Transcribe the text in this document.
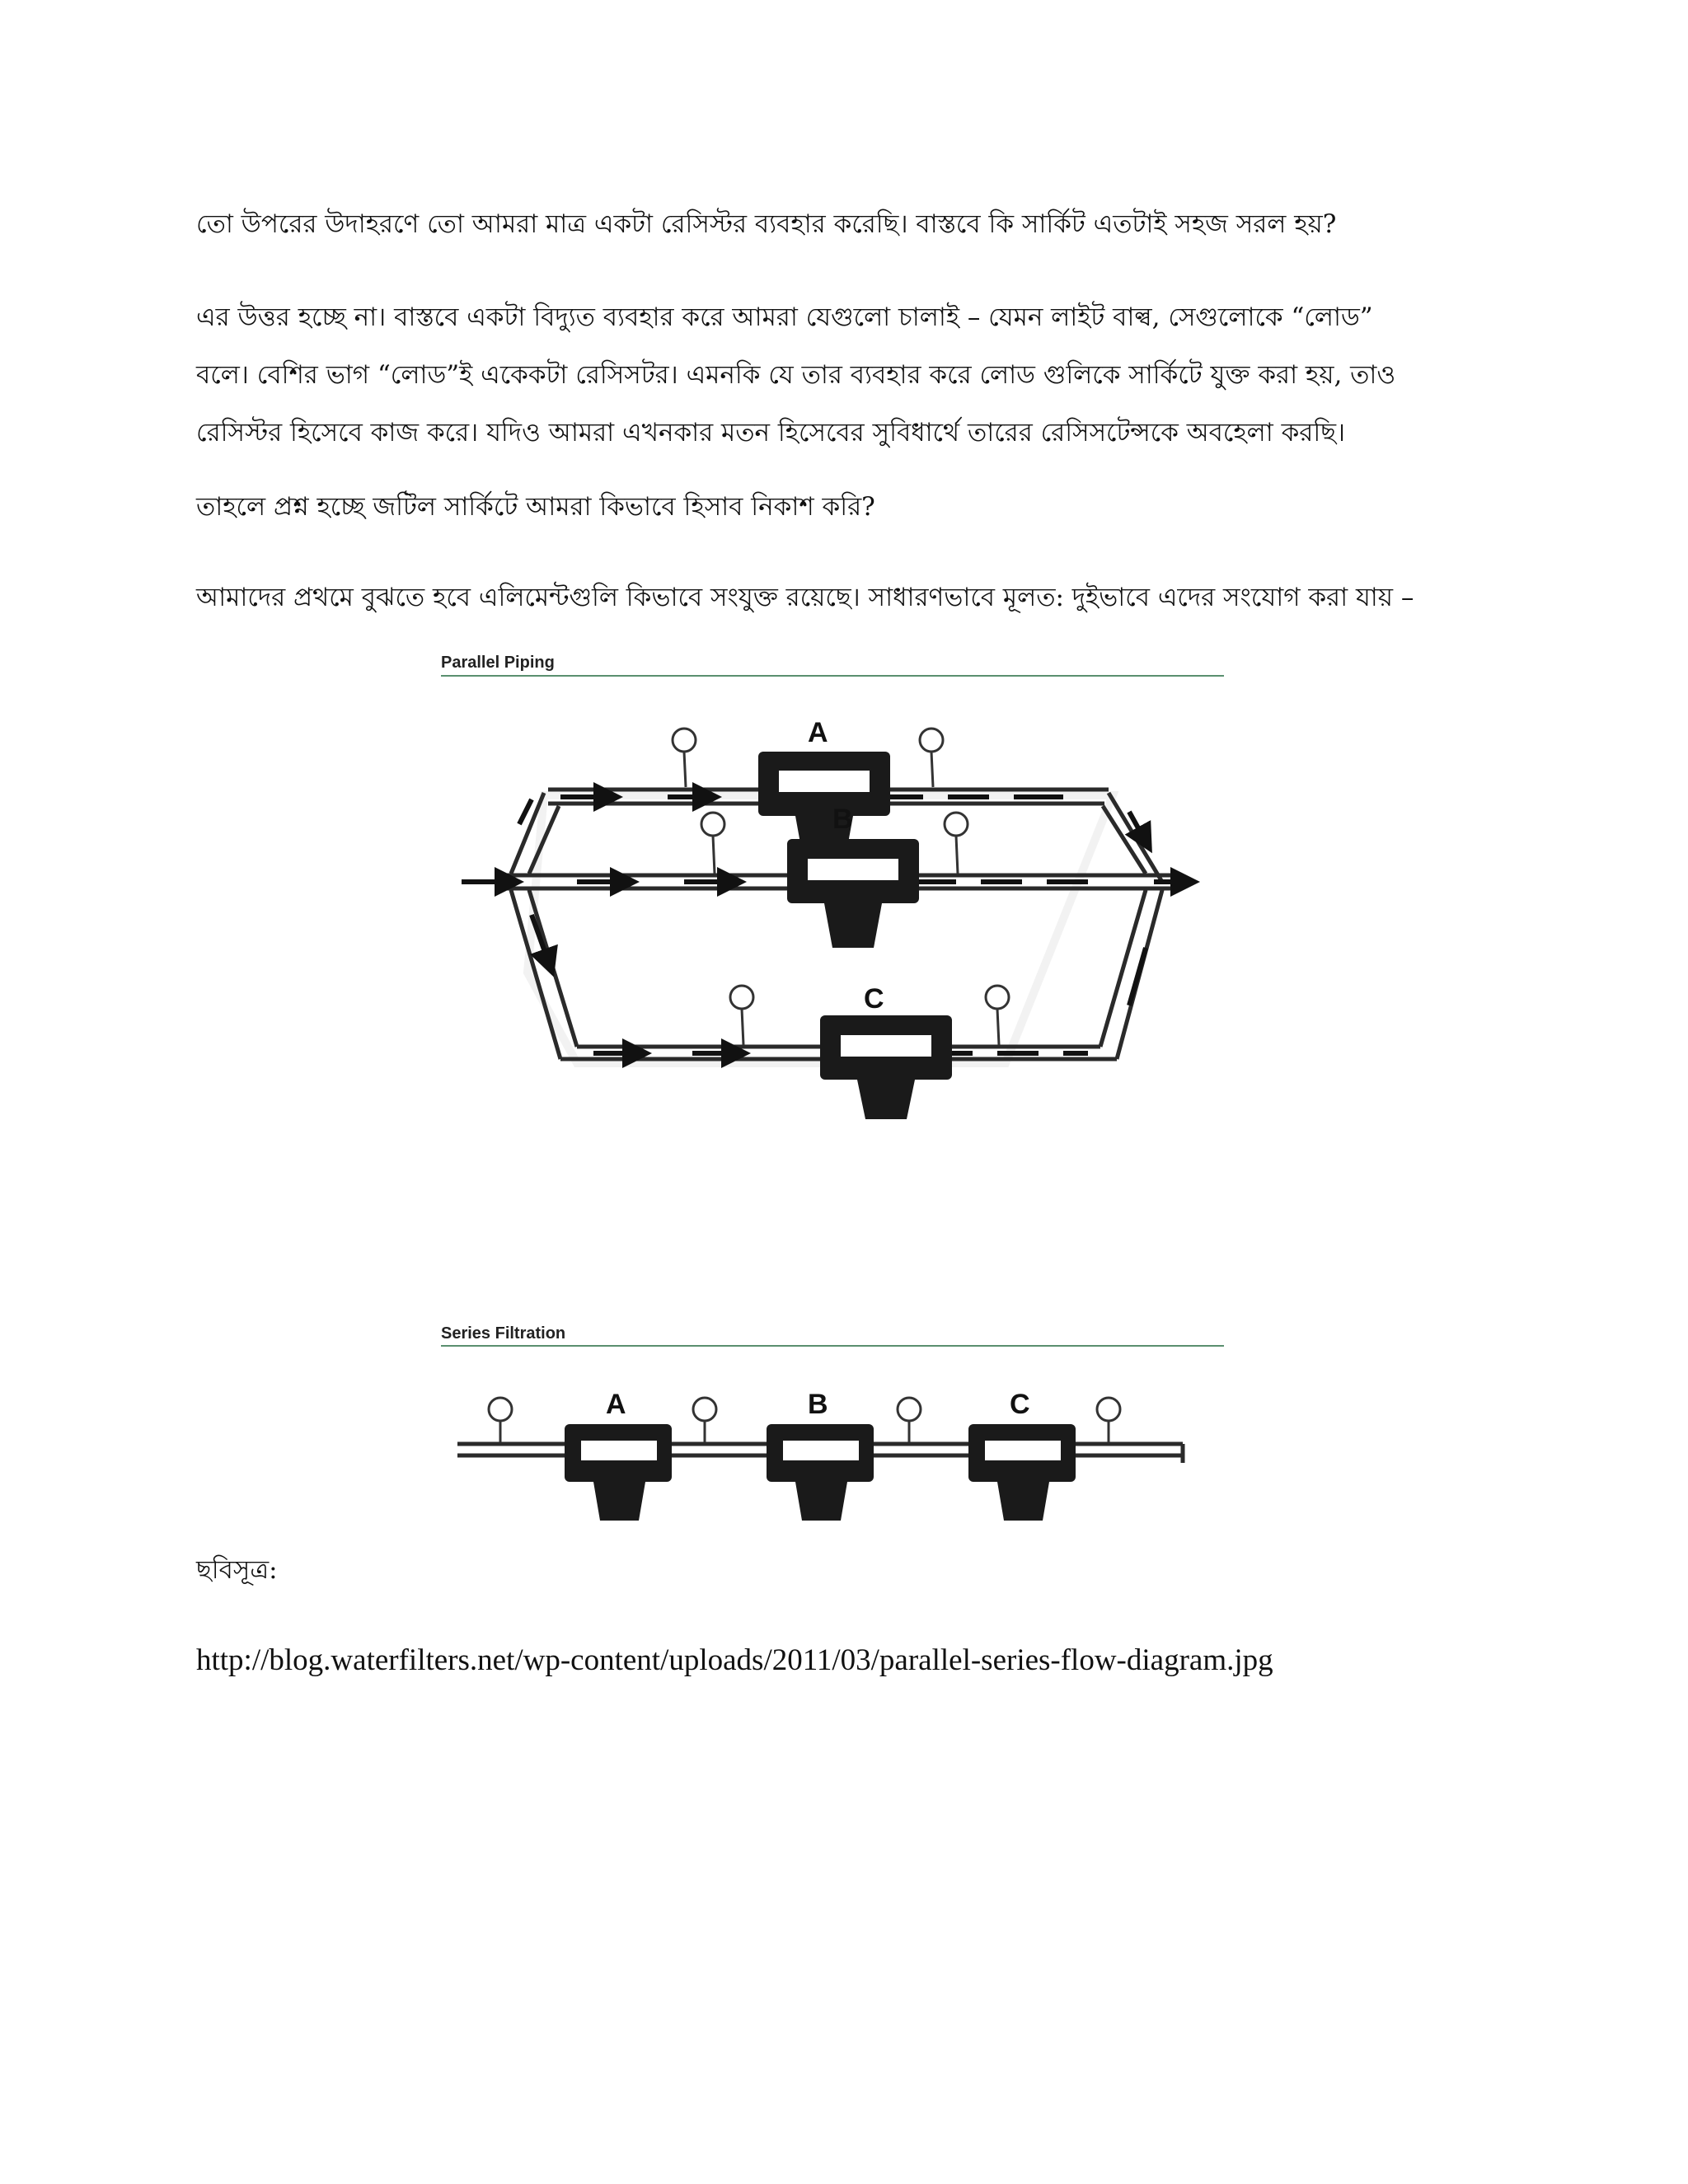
তো উপরের উদাহরণে তো আমরা মাত্র একটা রেসিস্টর ব্যবহার করেছি। বাস্তবে কি সার্কিট এতটাই সহজ সরল হয়?

এর উত্তর হচ্ছে না। বাস্তবে একটা বিদ্যুত ব্যবহার করে আমরা যেগুলো চালাই – যেমন লাইট বাল্ব, সেগুলোকে “লোড”
বলে। বেশির ভাগ “লোড”ই একেকটা রেসিসটর। এমনকি যে তার ব্যবহার করে লোড গুলিকে সার্কিটে যুক্ত করা হয়, তাও
রেসিস্টর হিসেবে কাজ করে। যদিও আমরা এখনকার মতন হিসেবের সুবিধার্থে তারের রেসিসটেন্সকে অবহেলা করছি।

তাহলে প্রশ্ন হচ্ছে জটিল সার্কিটে আমরা কিভাবে হিসাব নিকাশ করি?

আমাদের প্রথমে বুঝতে হবে এলিমেন্টগুলি কিভাবে সংযুক্ত রয়েছে। সাধারণভাবে মূলত: দুইভাবে এদের সংযোগ করা যায় –

Parallel Piping
A
B
C
Series Filtration
A	B	C

ছবিসূত্র:

http://blog.waterfilters.net/wp-content/uploads/2011/03/parallel-series-flow-diagram.jpg
